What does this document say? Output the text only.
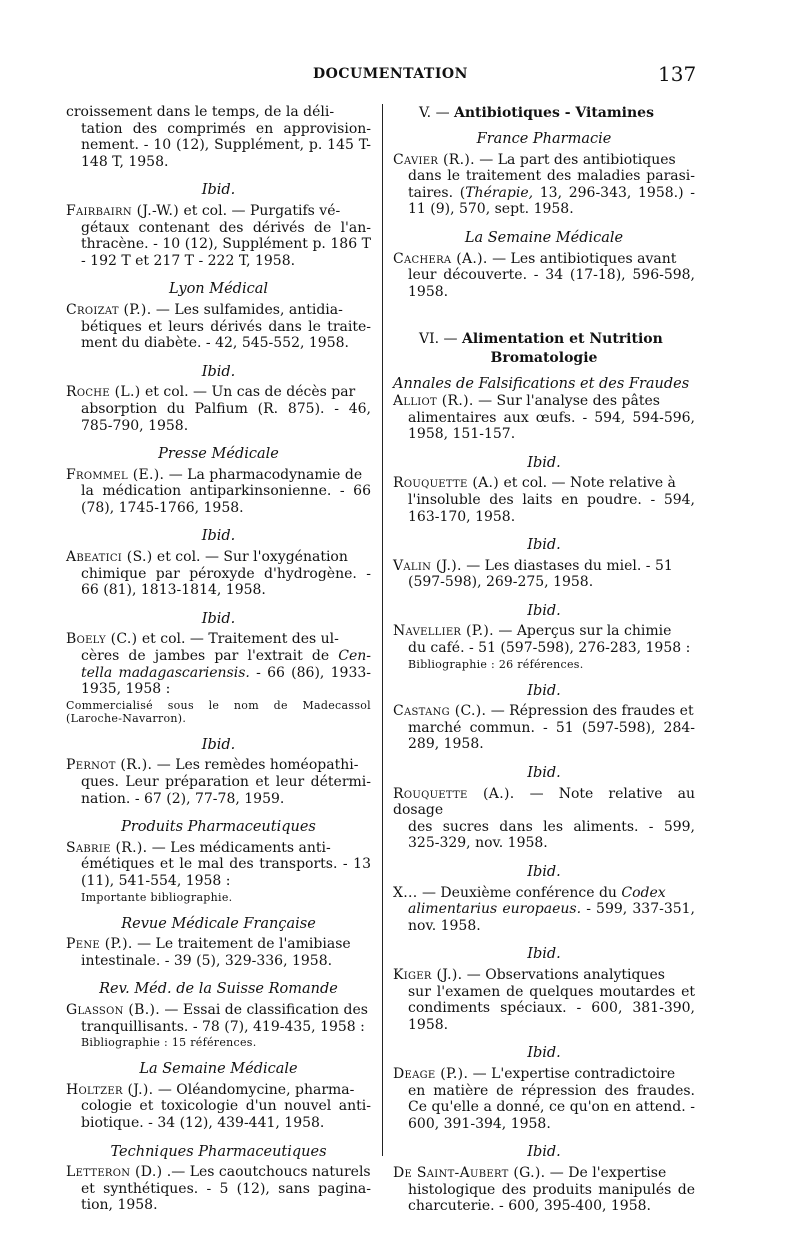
DOCUMENTATION	137
croissement dans le temps, de la déli-
tation des comprimés en approvision-nement. - 10 (12), Supplément, p. 145 T-148 T, 1958.
Ibid.
Fairbairn (J.-W.) et col. — Purgatifs vé-
gétaux contenant des dérivés de l'an-thracène. - 10 (12), Supplément p. 186 T - 192 T et 217 T - 222 T, 1958.
Lyon Médical
Croizat (P.). — Les sulfamides, antidia-
bétiques et leurs dérivés dans le traite-ment du diabète. - 42, 545-552, 1958.
Ibid.
Roche (L.) et col. — Un cas de décès par
absorption du Palfium (R. 875). - 46, 785-790, 1958.
Presse Médicale
Frommel (E.). — La pharmacodynamie de
la médication antiparkinsonienne. - 66 (78), 1745-1766, 1958.
Ibid.
Abeatici (S.) et col. — Sur l'oxygénation
chimique par péroxyde d'hydrogène. - 66 (81), 1813-1814, 1958.
Ibid.
Boely (C.) et col. — Traitement des ul-
cères de jambes par l'extrait de Cen-tella madagascariensis. - 66 (86), 1933-1935, 1958 :
Commercialisé sous le nom de Madecassol (Laroche-Navarron).
Ibid.
Pernot (R.). — Les remèdes homéopathi-
ques. Leur préparation et leur détermi-nation. - 67 (2), 77-78, 1959.
Produits Pharmaceutiques
Sabrie (R.). — Les médicaments anti-
émétiques et le mal des transports. - 13 (11), 541-554, 1958 :
Importante bibliographie.
Revue Médicale Française
Pene (P.). — Le traitement de l'amibiase
intestinale. - 39 (5), 329-336, 1958.
Rev. Méd. de la Suisse Romande
Glasson (B.). — Essai de classification des
tranquillisants. - 78 (7), 419-435, 1958 :
Bibliographie : 15 références.
La Semaine Médicale
Holtzer (J.). — Oléandomycine, pharma-
cologie et toxicologie d'un nouvel anti-biotique. - 34 (12), 439-441, 1958.
Techniques Pharmaceutiques
Letteron (D.) .— Les caoutchoucs naturels
et synthétiques. - 5 (12), sans pagina-tion, 1958.
V. — Antibiotiques - Vitamines
France Pharmacie
Cavier (R.). — La part des antibiotiques
dans le traitement des maladies parasi-taires. (Thérapie, 13, 296-343, 1958.) - 11 (9), 570, sept. 1958.
La Semaine Médicale
Cachera (A.). — Les antibiotiques avant
leur découverte. - 34 (17-18), 596-598, 1958.
VI. — Alimentation et Nutrition
Bromatologie
Annales de Falsifications et des Fraudes
Alliot (R.). — Sur l'analyse des pâtes
alimentaires aux œufs. - 594, 594-596, 1958, 151-157.
Ibid.
Rouquette (A.) et col. — Note relative à
l'insoluble des laits en poudre. - 594, 163-170, 1958.
Ibid.
Valin (J.). — Les diastases du miel. - 51
(597-598), 269-275, 1958.
Ibid.
Navellier (P.). — Aperçus sur la chimie
du café. - 51 (597-598), 276-283, 1958 :
Bibliographie : 26 références.
Ibid.
Castang (C.). — Répression des fraudes et
marché commun. - 51 (597-598), 284-289, 1958.
Ibid.
Rouquette (A.). — Note relative au dosage
des sucres dans les aliments. - 599, 325-329, nov. 1958.
Ibid.
X... — Deuxième conférence du Codex
alimentarius europaeus. - 599, 337-351, nov. 1958.
Ibid.
Kiger (J.). — Observations analytiques
sur l'examen de quelques moutardes et condiments spéciaux. - 600, 381-390, 1958.
Ibid.
Deage (P.). — L'expertise contradictoire
en matière de répression des fraudes. Ce qu'elle a donné, ce qu'on en attend. - 600, 391-394, 1958.
Ibid.
De Saint-Aubert (G.). — De l'expertise
histologique des produits manipulés de charcuterie. - 600, 395-400, 1958.
